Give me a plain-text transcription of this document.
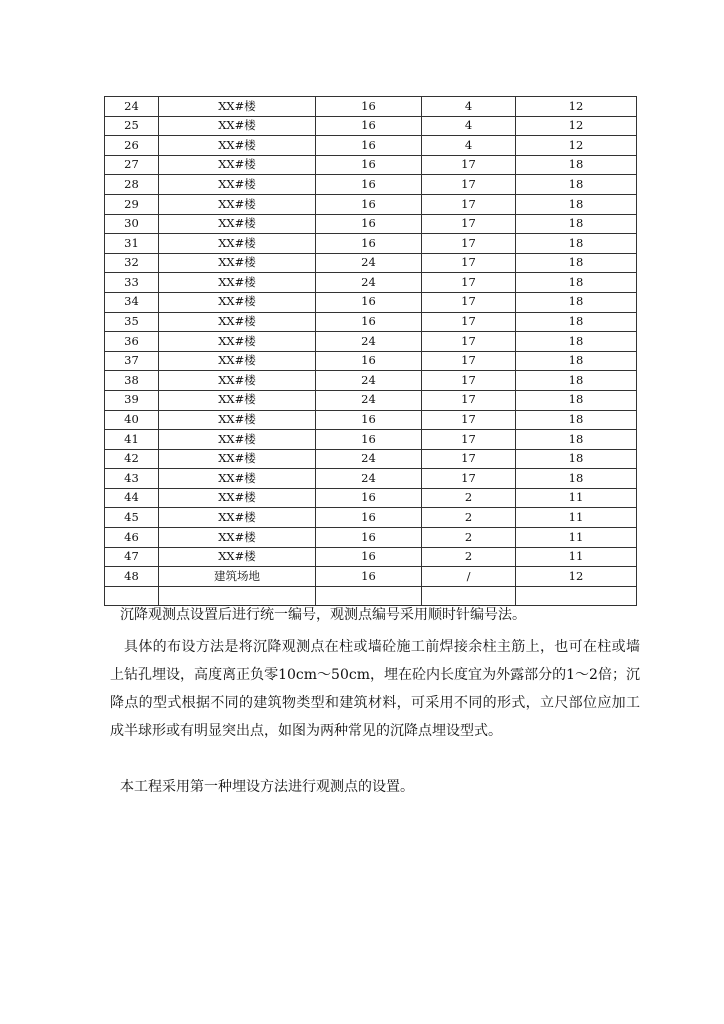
24	XX#楼	16	4	12
25	XX#楼	16	4	12
26	XX#楼	16	4	12
27	XX#楼	16	17	18
28	XX#楼	16	17	18
29	XX#楼	16	17	18
30	XX#楼	16	17	18
31	XX#楼	16	17	18
32	XX#楼	24	17	18
33	XX#楼	24	17	18
34	XX#楼	16	17	18
35	XX#楼	16	17	18
36	XX#楼	24	17	18
37	XX#楼	16	17	18
38	XX#楼	24	17	18
39	XX#楼	24	17	18
40	XX#楼	16	17	18
41	XX#楼	16	17	18
42	XX#楼	24	17	18
43	XX#楼	24	17	18
44	XX#楼	16	2	11
45	XX#楼	16	2	11
46	XX#楼	16	2	11
47	XX#楼	16	2	11
48	建筑场地	16	/	12

沉降观测点设置后进行统一编号，观测点编号采用顺时针编号法。

具体的布设方法是将沉降观测点在柱或墙砼施工前焊接余柱主筋上，也可在柱或墙上钻孔埋设，高度离正负零10cm～50cm，埋在砼内长度宜为外露部分的1～2倍；沉降点的型式根据不同的建筑物类型和建筑材料，可采用不同的形式，立尺部位应加工成半球形或有明显突出点，如图为两种常见的沉降点埋设型式。

本工程采用第一种埋设方法进行观测点的设置。
